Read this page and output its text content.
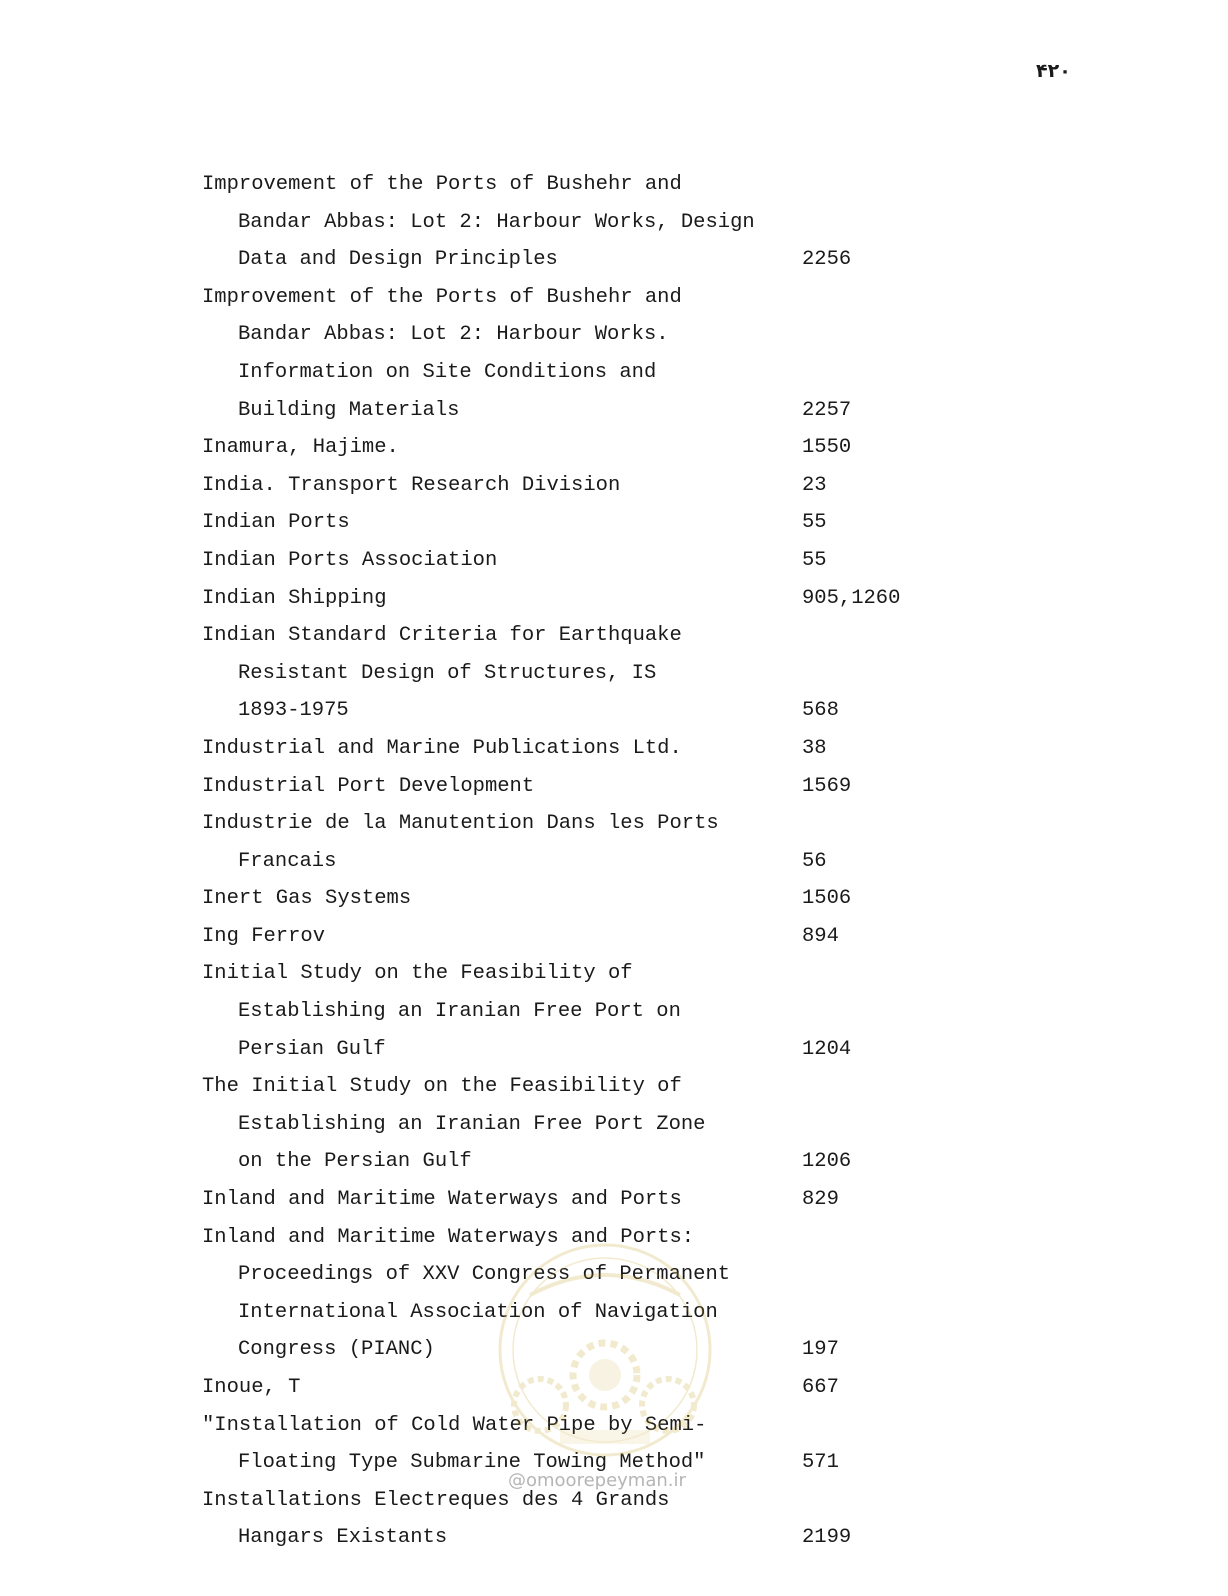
۴۲۰
Improvement of the Ports of Bushehr and
Bandar Abbas: Lot 2: Harbour Works, Design
Data and Design Principles	2256
Improvement of the Ports of Bushehr and
Bandar Abbas: Lot 2: Harbour Works.
Information on Site Conditions and
Building Materials	2257
Inamura, Hajime.	1550
India. Transport Research Division	23
Indian Ports	55
Indian Ports Association	55
Indian Shipping	905,1260
Indian Standard Criteria for Earthquake
Resistant Design of Structures, IS
1893-1975	568
Industrial and Marine Publications Ltd.	38
Industrial Port Development	1569
Industrie de la Manutention Dans les Ports
Francais	56
Inert Gas Systems	1506
Ing Ferrov	894
Initial Study on the Feasibility of
Establishing an Iranian Free Port on
Persian Gulf	1204
The Initial Study on the Feasibility of
Establishing an Iranian Free Port Zone
on the Persian Gulf	1206
Inland and Maritime Waterways and Ports	829
Inland and Maritime Waterways and Ports:
Proceedings of XXV Congress of Permanent
International Association of Navigation
Congress (PIANC)	197
Inoue, T	667
"Installation of Cold Water Pipe by Semi-
Floating Type Submarine Towing Method"	571
Installations Electreques des 4 Grands
Hangars Existants	2199
@omoorepeyman.ir
